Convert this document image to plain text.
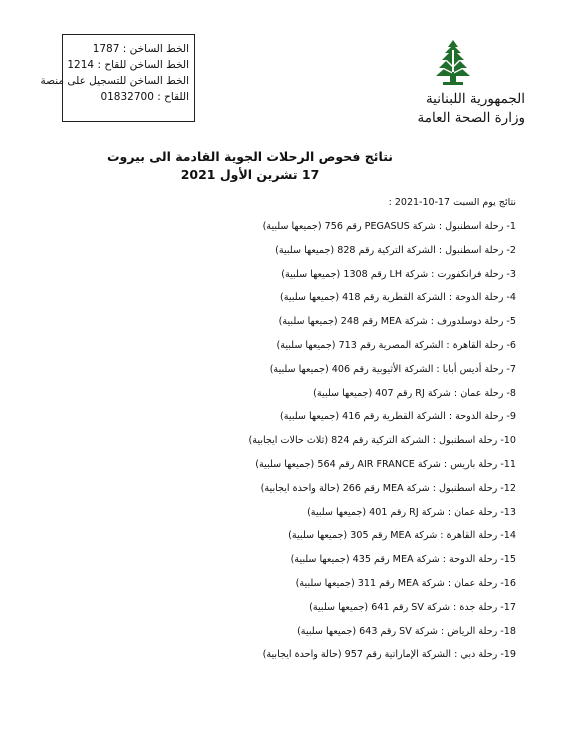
الخط الساخن : 1787
الخط الساخن للقاح : 1214
الخط الساخن للتسجيل على منصة
اللقاح : 01832700	الجمهورية اللبنانية
وزارة الصحة العامة
نتائج فحوص الرحلات الجوية القادمة الى بيروت
17 تشرين الأول 2021
نتائج يوم السبت 17-10-2021 :
1- رحلة اسطنبول : شركة PEGASUS رقم 756 (جميعها سلبية)
2- رحلة اسطنبول : الشركة التركية رقم 828 (جميعها سلبية)
3- رحلة فرانكفورت : شركة LH رقم 1308 (جميعها سلبية)
4- رحلة الدوحة : الشركة القطرية رقم 418 (جميعها سلبية)
5- رحلة دوسلدورف : شركة MEA رقم 248 (جميعها سلبية)
6- رحلة القاهرة : الشركة المصرية رقم 713 (جميعها سلبية)
7- رحلة أديس أبابا : الشركة الأثيوبية رقم 406 (جميعها سلبية)
8- رحلة عمان : شركة RJ رقم 407 (جميعها سلبية)
9- رحلة الدوحة : الشركة القطرية رقم 416 (جميعها سلبية)
10- رحلة اسطنبول : الشركة التركية رقم 824 (ثلاث حالات ايجابية)
11- رحلة باريس : شركة AIR FRANCE رقم 564 (جميعها سلبية)
12- رحلة اسطنبول : شركة MEA رقم 266 (حالة واحدة ايجابية)
13- رحلة عمان : شركة RJ رقم 401 (جميعها سلبية)
14- رحلة القاهرة : شركة MEA رقم 305 (جميعها سلبية)
15- رحلة الدوحة : شركة MEA رقم 435 (جميعها سلبية)
16- رحلة عمان : شركة MEA رقم 311 (جميعها سلبية)
17- رحلة جدة : شركة SV رقم 641 (جميعها سلبية)
18- رحلة الرياض : شركة SV رقم 643 (جميعها سلبية)
19- رحلة دبي : الشركة الإماراتية رقم 957 (حالة واحدة ايجابية)
